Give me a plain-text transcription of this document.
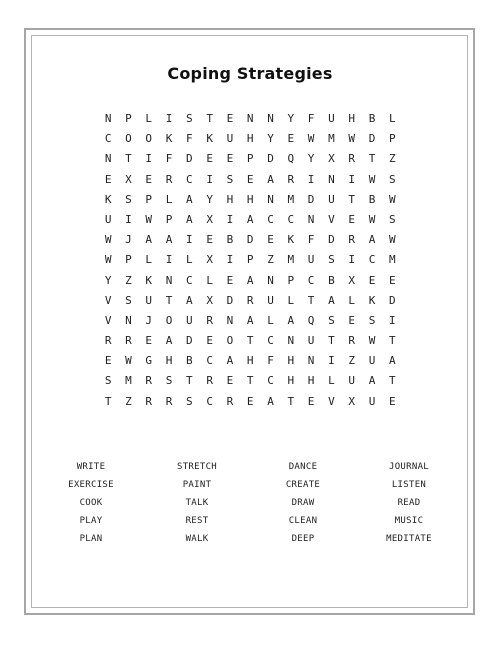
Coping Strategies
N	P	L	I	S	T	E	N	N	Y	F	U	H	B	L
C	O	O	K	F	K	U	H	Y	E	W	M	W	D	P
N	T	I	F	D	E	E	P	D	Q	Y	X	R	T	Z
E	X	E	R	C	I	S	E	A	R	I	N	I	W	S
K	S	P	L	A	Y	H	H	N	M	D	U	T	B	W
U	I	W	P	A	X	I	A	C	C	N	V	E	W	S
W	J	A	A	I	E	B	D	E	K	F	D	R	A	W
W	P	L	I	L	X	I	P	Z	M	U	S	I	C	M
Y	Z	K	N	C	L	E	A	N	P	C	B	X	E	E
V	S	U	T	A	X	D	R	U	L	T	A	L	K	D
V	N	J	O	U	R	N	A	L	A	Q	S	E	S	I
R	R	E	A	D	E	O	T	C	N	U	T	R	W	T
E	W	G	H	B	C	A	H	F	H	N	I	Z	U	A
S	M	R	S	T	R	E	T	C	H	H	L	U	A	T
T	Z	R	R	S	C	R	E	A	T	E	V	X	U	E
WRITE	STRETCH	DANCE	JOURNAL
EXERCISE	PAINT	CREATE	LISTEN
COOK	TALK	DRAW	READ
PLAY	REST	CLEAN	MUSIC
PLAN	WALK	DEEP	MEDITATE
